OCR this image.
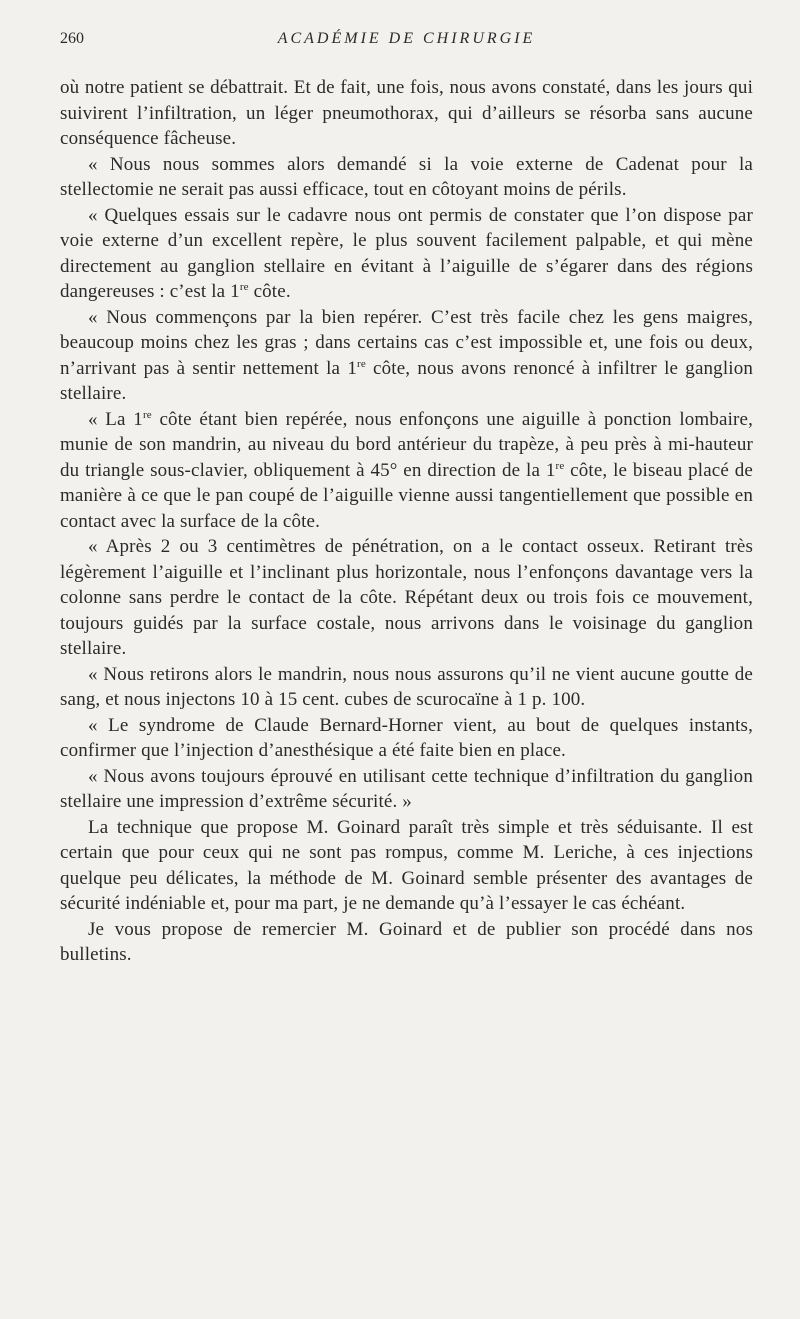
260	ACADÉMIE DE CHIRURGIE

où notre patient se débattrait. Et de fait, une fois, nous avons constaté, dans les jours qui suivirent l’infiltration, un léger pneumothorax, qui d’ailleurs se résorba sans aucune conséquence fâcheuse.

« Nous nous sommes alors demandé si la voie externe de Cadenat pour la stellectomie ne serait pas aussi efficace, tout en côtoyant moins de périls.

« Quelques essais sur le cadavre nous ont permis de constater que l’on dispose par voie externe d’un excellent repère, le plus souvent facilement palpable, et qui mène directement au ganglion stellaire en évitant à l’aiguille de s’égarer dans des régions dangereuses : c’est la 1re côte.

« Nous commençons par la bien repérer. C’est très facile chez les gens maigres, beaucoup moins chez les gras ; dans certains cas c’est impossible et, une fois ou deux, n’arrivant pas à sentir nettement la 1re côte, nous avons renoncé à infiltrer le ganglion stellaire.

« La 1re côte étant bien repérée, nous enfonçons une aiguille à ponction lombaire, munie de son mandrin, au niveau du bord antérieur du trapèze, à peu près à mi-hauteur du triangle sous-clavier, obliquement à 45° en direction de la 1re côte, le biseau placé de manière à ce que le pan coupé de l’aiguille vienne aussi tangentiellement que possible en contact avec la surface de la côte.

« Après 2 ou 3 centimètres de pénétration, on a le contact osseux. Retirant très légèrement l’aiguille et l’inclinant plus horizontale, nous l’enfonçons davantage vers la colonne sans perdre le contact de la côte. Répétant deux ou trois fois ce mouvement, toujours guidés par la surface costale, nous arrivons dans le voisinage du ganglion stellaire.

« Nous retirons alors le mandrin, nous nous assurons qu’il ne vient aucune goutte de sang, et nous injectons 10 à 15 cent. cubes de scurocaïne à 1 p. 100.

« Le syndrome de Claude Bernard-Horner vient, au bout de quelques instants, confirmer que l’injection d’anesthésique a été faite bien en place.

« Nous avons toujours éprouvé en utilisant cette technique d’infiltration du ganglion stellaire une impression d’extrême sécurité. »

La technique que propose M. Goinard paraît très simple et très séduisante. Il est certain que pour ceux qui ne sont pas rompus, comme M. Leriche, à ces injections quelque peu délicates, la méthode de M. Goinard semble présenter des avantages de sécurité indéniable et, pour ma part, je ne demande qu’à l’essayer le cas échéant.

Je vous propose de remercier M. Goinard et de publier son procédé dans nos bulletins.
